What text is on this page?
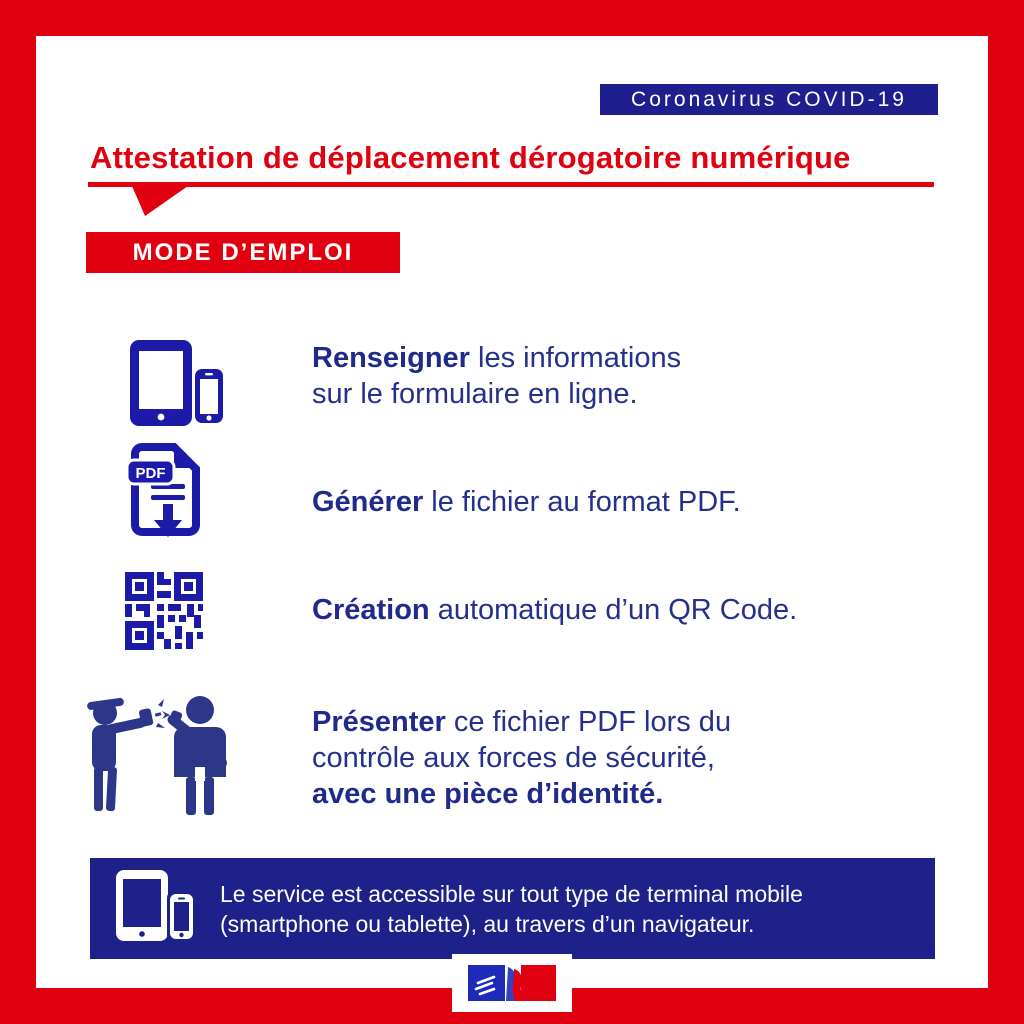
Coronavirus COVID-19
Attestation de déplacement dérogatoire numérique
MODE D’EMPLOI
Renseigner les informations
sur le formulaire en ligne.
PDF
Générer le fichier au format PDF.
Création automatique d’un QR Code.
Présenter ce fichier PDF lors du
contrôle aux forces de sécurité,
avec une pièce d’identité.
Le service est accessible sur tout type de terminal mobile
(smartphone ou tablette), au travers d’un navigateur.
